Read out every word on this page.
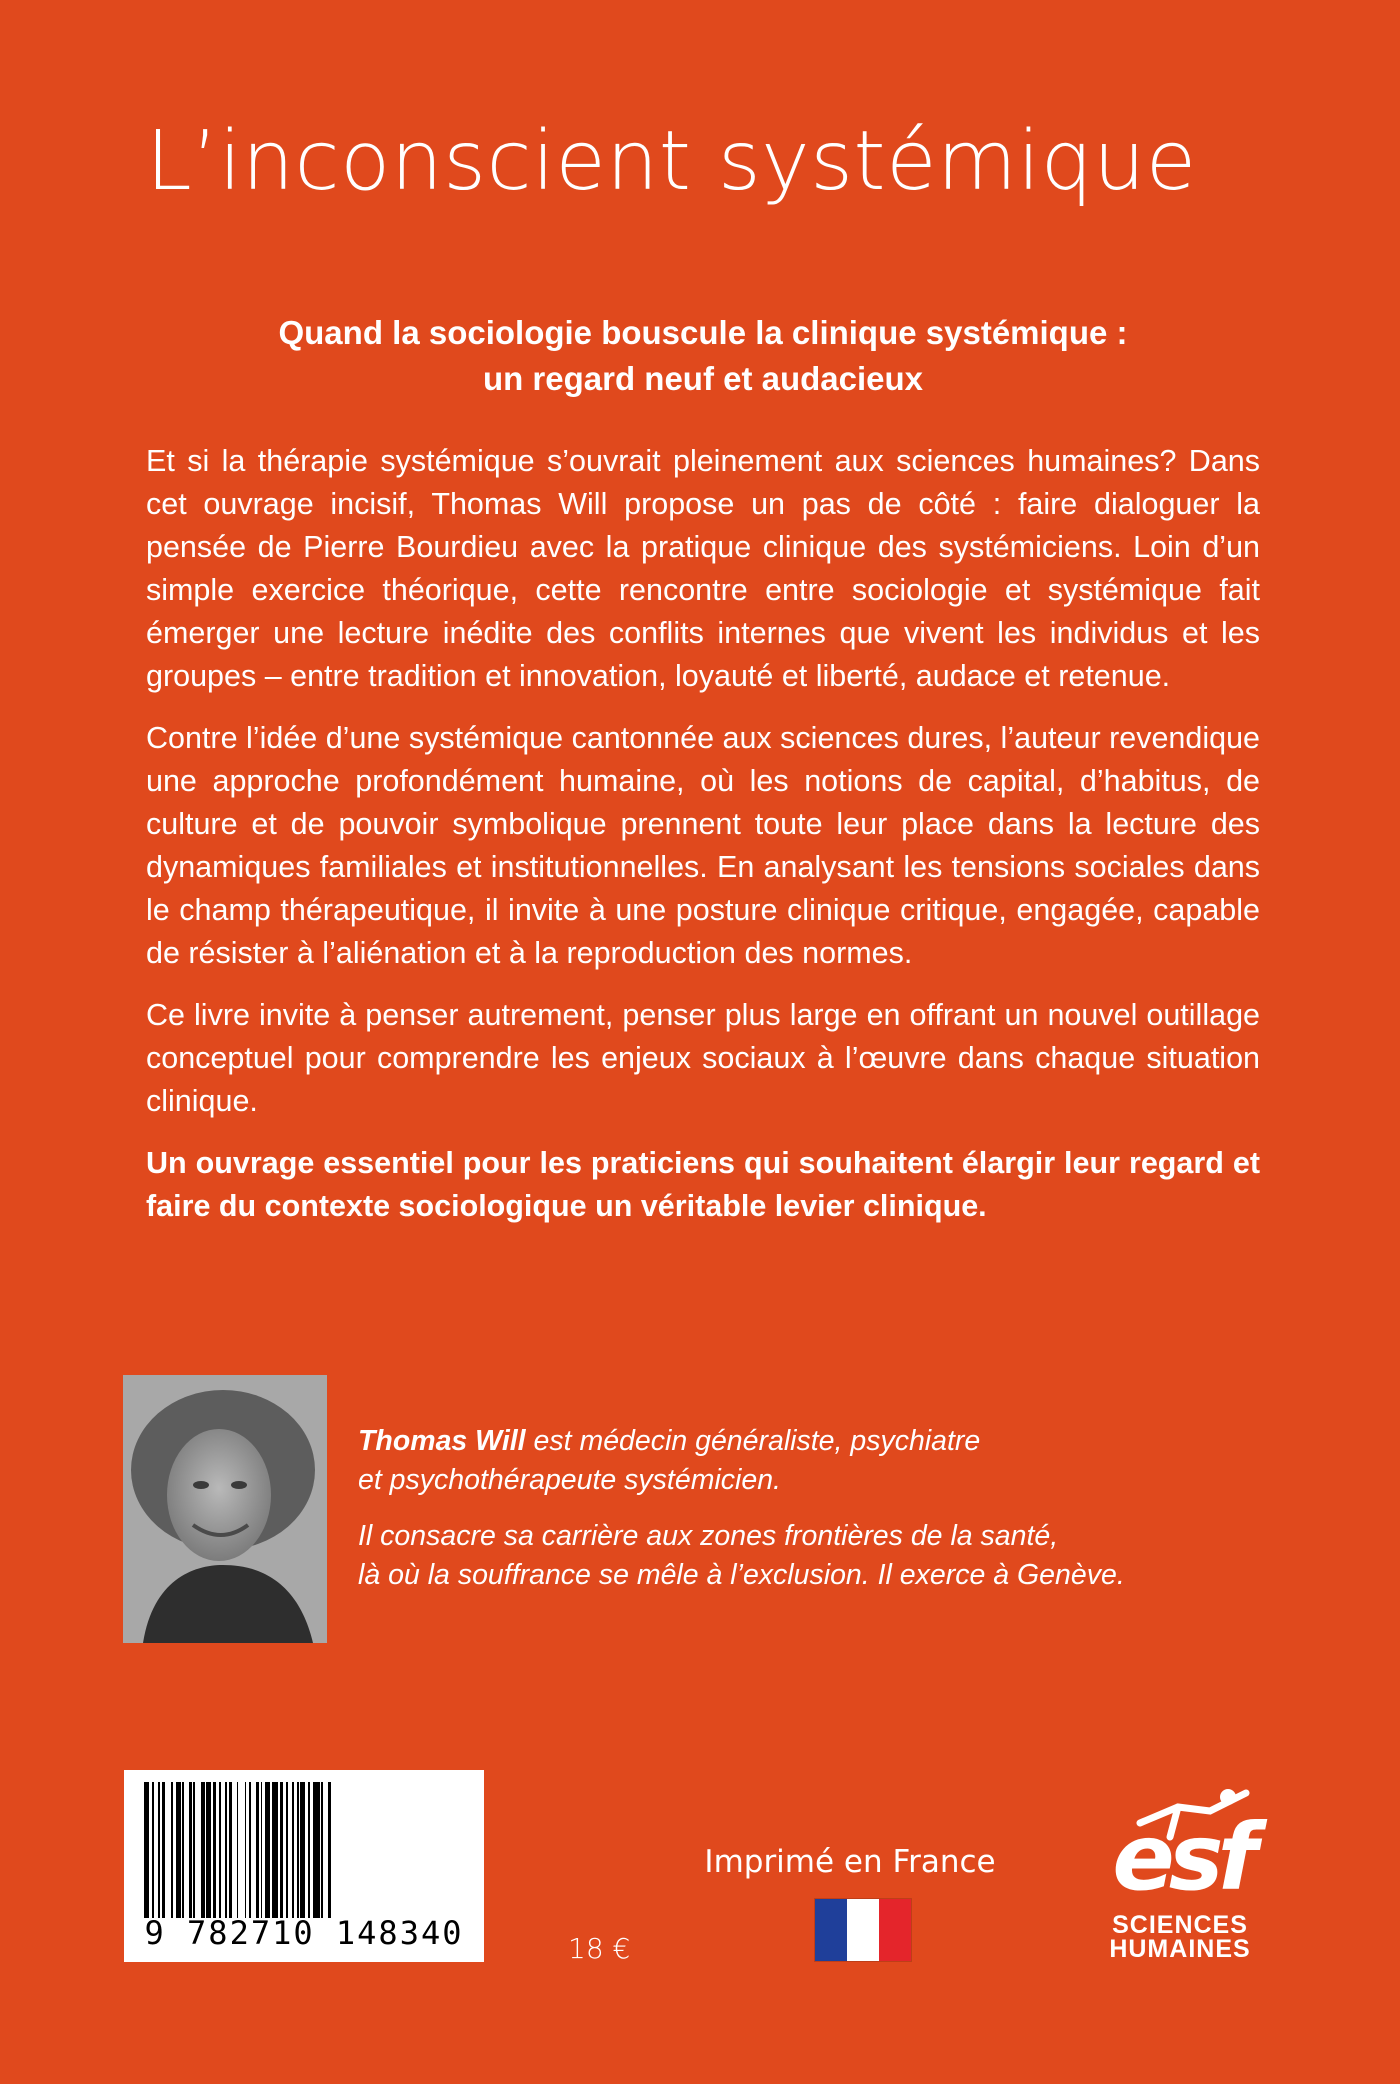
L’inconscient systémique
Quand la sociologie bouscule la clinique systémique :
un regard neuf et audacieux

Et si la thérapie systémique s’ouvrait pleinement aux sciences humaines? Dans cet ouvrage incisif, Thomas Will propose un pas de côté : faire dialoguer la pensée de Pierre Bourdieu avec la pratique clinique des systémiciens. Loin d’un simple exercice théorique, cette rencontre entre sociologie et systémique fait émerger une lecture inédite des conflits internes que vivent les individus et les groupes – entre tradition et innovation, loyauté et liberté, audace et retenue.

Contre l’idée d’une systémique cantonnée aux sciences dures, l’auteur revendique une approche profondément humaine, où les notions de capital, d’habitus, de culture et de pouvoir symbolique prennent toute leur place dans la lecture des dynamiques familiales et institutionnelles. En analysant les tensions sociales dans le champ thérapeutique, il invite à une posture clinique critique, engagée, capable de résister à l’aliénation et à la reproduction des normes.

Ce livre invite à penser autrement, penser plus large en offrant un nouvel outillage conceptuel pour comprendre les enjeux sociaux à l’œuvre dans chaque situation clinique.

Un ouvrage essentiel pour les praticiens qui souhaitent élargir leur regard et faire du contexte sociologique un véritable levier clinique.

Thomas Will est médecin généraliste, psychiatre
et psychothérapeute systémicien.

Il consacre sa carrière aux zones frontières de la santé,
là où la souffrance se mêle à l’exclusion. Il exerce à Genève.

9 782710 148340	18 €
Imprimé en France esf
SCIENCES
HUMAINES
